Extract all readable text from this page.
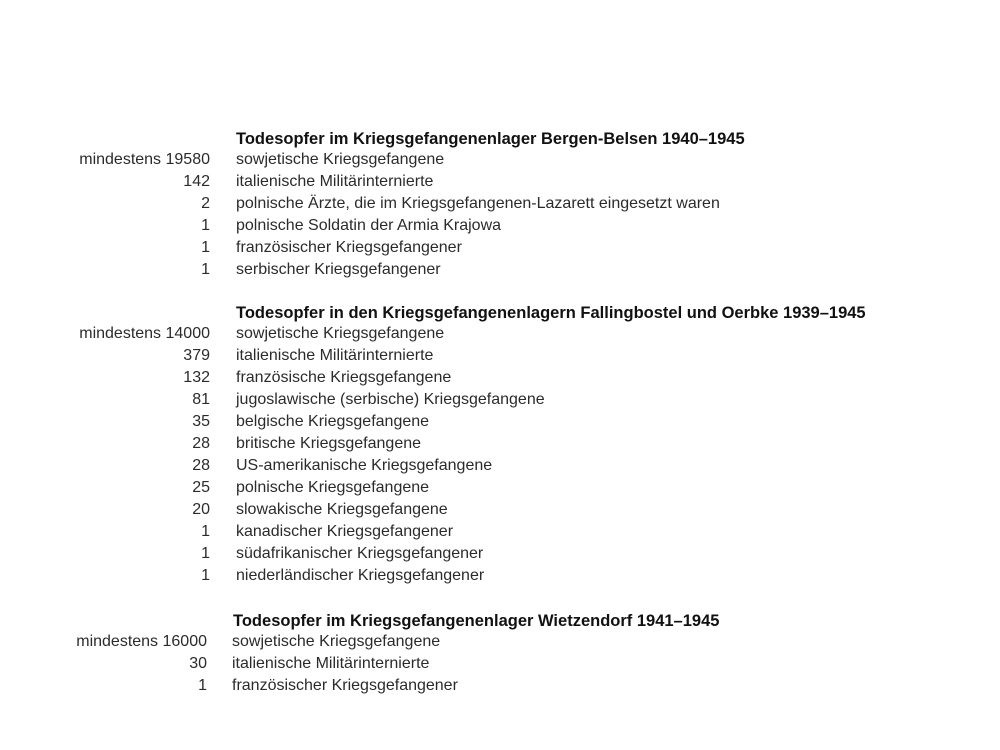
Todesopfer im Kriegsgefangenenlager Bergen-Belsen 1940–1945
mindestens 19580 sowjetische Kriegsgefangene
142 italienische Militärinternierte
2 polnische Ärzte, die im Kriegsgefangenen-Lazarett eingesetzt waren
1 polnische Soldatin der Armia Krajowa
1 französischer Kriegsgefangener
1 serbischer Kriegsgefangener
Todesopfer in den Kriegsgefangenenlagern Fallingbostel und Oerbke 1939–1945
mindestens 14000 sowjetische Kriegsgefangene
379 italienische Militärinternierte
132 französische Kriegsgefangene
81 jugoslawische (serbische) Kriegsgefangene
35 belgische Kriegsgefangene
28 britische Kriegsgefangene
28 US-amerikanische Kriegsgefangene
25 polnische Kriegsgefangene
20 slowakische Kriegsgefangene
1 kanadischer Kriegsgefangener
1 südafrikanischer Kriegsgefangener
1 niederländischer Kriegsgefangener
Todesopfer im Kriegsgefangenenlager Wietzendorf 1941–1945
mindestens 16000 sowjetische Kriegsgefangene
30 italienische Militärinternierte
1 französischer Kriegsgefangener
